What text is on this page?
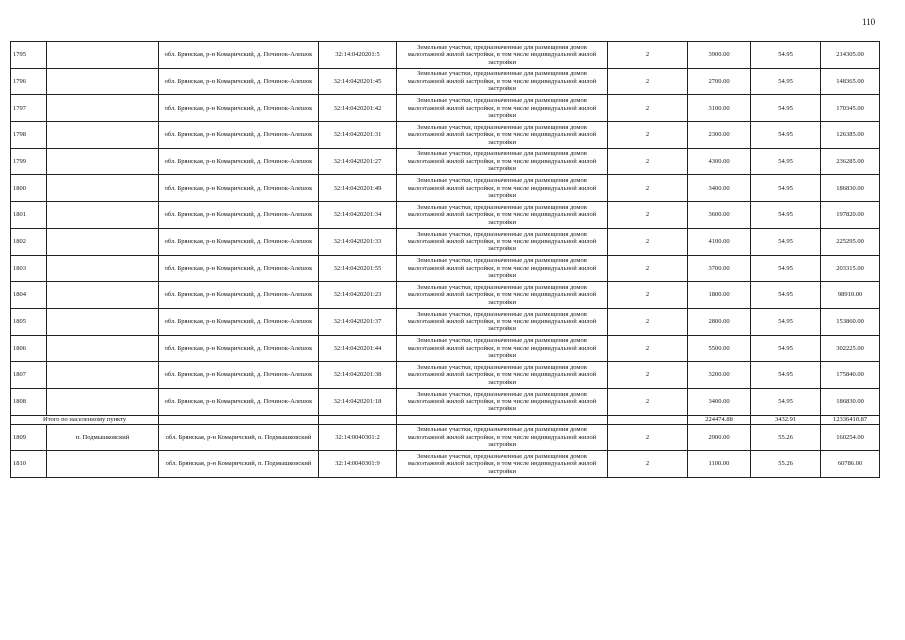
110
1795		обл. Брянская, р-н Комаричский, д. Починок-Алешок	32:14:0420201:5	Земельные участки, предназначенные для размещения домов малоэтажной жилой застройки, в том числе индивидуальной жилой застройки	2	3900.00	54.95	214305.00
1796		обл. Брянская, р-н Комаричский, д. Починок-Алешок	32:14:0420201:45	Земельные участки, предназначенные для размещения домов малоэтажной жилой застройки, в том числе индивидуальной жилой застройки	2	2700.00	54.95	148365.00
1797		обл. Брянская, р-н Комаричский, д. Починок-Алешок	32:14:0420201:42	Земельные участки, предназначенные для размещения домов малоэтажной жилой застройки, в том числе индивидуальной жилой застройки	2	3100.00	54.95	170345.00
1798		обл. Брянская, р-н Комаричский, д. Починок-Алешок	32:14:0420201:31	Земельные участки, предназначенные для размещения домов малоэтажной жилой застройки, в том числе индивидуальной жилой застройки	2	2300.00	54.95	126385.00
1799		обл. Брянская, р-н Комаричский, д. Починок-Алешок	32:14:0420201:27	Земельные участки, предназначенные для размещения домов малоэтажной жилой застройки, в том числе индивидуальной жилой застройки	2	4300.00	54.95	236285.00
1800		обл. Брянская, р-н Комаричский, д. Починок-Алешок	32:14:0420201:49	Земельные участки, предназначенные для размещения домов малоэтажной жилой застройки, в том числе индивидуальной жилой застройки	2	3400.00	54.95	186830.00
1801		обл. Брянская, р-н Комаричский, д. Починок-Алешок	32:14:0420201:34	Земельные участки, предназначенные для размещения домов малоэтажной жилой застройки, в том числе индивидуальной жилой застройки	2	3600.00	54.95	197820.00
1802		обл. Брянская, р-н Комаричский, д. Починок-Алешок	32:14:0420201:33	Земельные участки, предназначенные для размещения домов малоэтажной жилой застройки, в том числе индивидуальной жилой застройки	2	4100.00	54.95	225295.00
1803		обл. Брянская, р-н Комаричский, д. Починок-Алешок	32:14:0420201:55	Земельные участки, предназначенные для размещения домов малоэтажной жилой застройки, в том числе индивидуальной жилой застройки	2	3700.00	54.95	203315.00
1804		обл. Брянская, р-н Комаричский, д. Починок-Алешок	32:14:0420201:23	Земельные участки, предназначенные для размещения домов малоэтажной жилой застройки, в том числе индивидуальной жилой застройки	2	1800.00	54.95	98910.00
1805		обл. Брянская, р-н Комаричский, д. Починок-Алешок	32:14:0420201:37	Земельные участки, предназначенные для размещения домов малоэтажной жилой застройки, в том числе индивидуальной жилой застройки	2	2800.00	54.95	153860.00
1806		обл. Брянская, р-н Комаричский, д. Починок-Алешок	32:14:0420201:44	Земельные участки, предназначенные для размещения домов малоэтажной жилой застройки, в том числе индивидуальной жилой застройки	2	5500.00	54.95	302225.00
1807		обл. Брянская, р-н Комаричский, д. Починок-Алешок	32:14:0420201:38	Земельные участки, предназначенные для размещения домов малоэтажной жилой застройки, в том числе индивидуальной жилой застройки	2	3200.00	54.95	175840.00
1808		обл. Брянская, р-н Комаричский, д. Починок-Алешок	32:14:0420201:18	Земельные участки, предназначенные для размещения домов малоэтажной жилой застройки, в том числе индивидуальной жилой застройки	2	3400.00	54.95	186830.00
Итого по населенному пункту						224474.88	3432.91	12336410.87
1809	п. Подмышковский	обл. Брянская, р-н Комаричский, п. Подмышковский	32:14:0040301:2	Земельные участки, предназначенные для размещения домов малоэтажной жилой застройки, в том числе индивидуальной жилой застройки	2	2900.00	55.26	160254.00
1810		обл. Брянская, р-н Комаричский, п. Подмышковский	32:14:0040301:9	Земельные участки, предназначенные для размещения домов малоэтажной жилой застройки, в том числе индивидуальной жилой застройки	2	1100.00	55.26	60786.00
